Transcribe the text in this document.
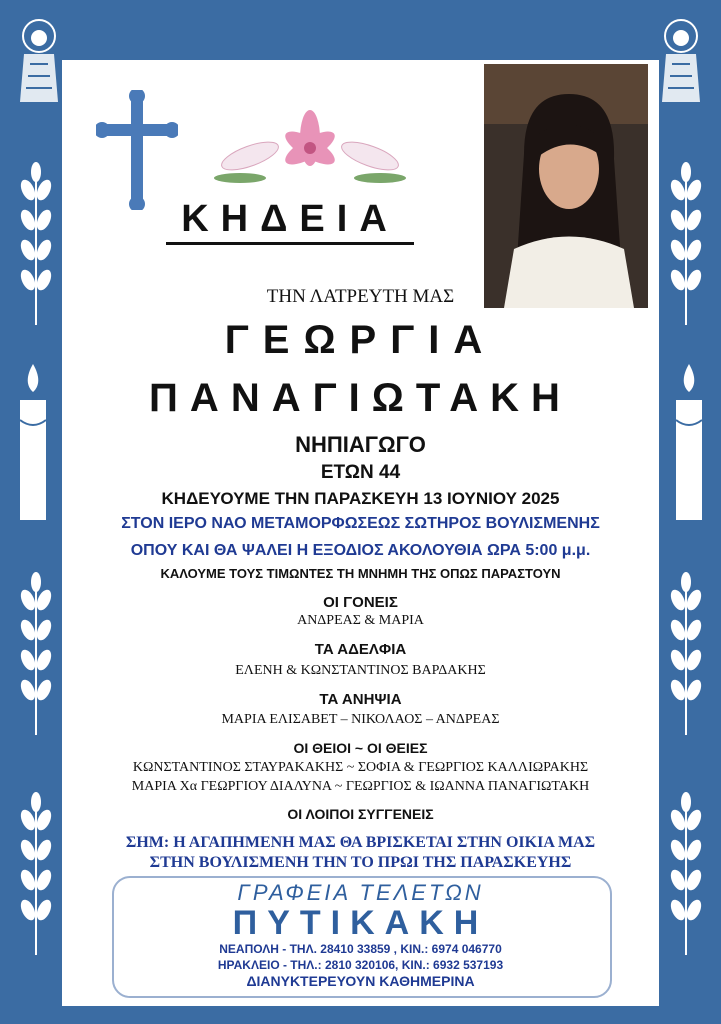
ΚΗΔΕΙΑ
ΤΗΝ ΛΑΤΡΕΥΤΗ ΜΑΣ
ΓΕΩΡΓΙΑ
ΠΑΝΑΓΙΩΤΑΚΗ
ΝΗΠΙΑΓΩΓΟ
ΕΤΩΝ 44
ΚΗΔΕΥΟΥΜΕ ΤΗΝ ΠΑΡΑΣΚΕΥΗ 13 ΙΟΥΝΙΟΥ 2025
ΣΤΟΝ ΙΕΡΟ ΝΑΟ ΜΕΤΑΜΟΡΦΩΣΕΩΣ ΣΩΤΗΡΟΣ ΒΟΥΛΙΣΜΕΝΗΣ
ΟΠΟΥ ΚΑΙ ΘΑ ΨΑΛΕΙ Η ΕΞΟΔΙΟΣ ΑΚΟΛΟΥΘΙΑ ΩΡΑ 5:00 μ.μ.
ΚΑΛΟΥΜΕ ΤΟΥΣ ΤΙΜΩΝΤΕΣ ΤΗ ΜΝΗΜΗ ΤΗΣ ΟΠΩΣ ΠΑΡΑΣΤΟΥΝ
ΟΙ ΓΟΝΕΙΣ
ΑΝΔΡΕΑΣ & ΜΑΡΙΑ
ΤΑ ΑΔΕΛΦΙΑ
ΕΛΕΝΗ & ΚΩΝΣΤΑΝΤΙΝΟΣ ΒΑΡΔΑΚΗΣ
ΤΑ ΑΝΗΨΙΑ
ΜΑΡΙΑ ΕΛΙΣΑΒΕΤ – ΝΙΚΟΛΑΟΣ – ΑΝΔΡΕΑΣ
ΟΙ ΘΕΙΟΙ ~ ΟΙ ΘΕΙΕΣ
ΚΩΝΣΤΑΝΤΙΝΟΣ ΣΤΑΥΡΑΚΑΚΗΣ ~ ΣΟΦΙΑ & ΓΕΩΡΓΙΟΣ ΚΑΛΛΙΩΡΑΚΗΣ
ΜΑΡΙΑ Χα ΓΕΩΡΓΙΟΥ ΔΙΑΛΥΝΑ ~ ΓΕΩΡΓΙΟΣ & ΙΩΑΝΝΑ ΠΑΝΑΓΙΩΤΑΚΗ
ΟΙ ΛΟΙΠΟΙ ΣΥΓΓΕΝΕΙΣ
ΣΗΜ: Η ΑΓΑΠΗΜΕΝΗ ΜΑΣ ΘΑ ΒΡΙΣΚΕΤΑΙ ΣΤΗΝ ΟΙΚΙΑ ΜΑΣ
ΣΤΗΝ ΒΟΥΛΙΣΜΕΝΗ ΤΗΝ ΤΟ ΠΡΩΙ ΤΗΣ ΠΑΡΑΣΚΕΥΗΣ
ΓΡΑΦΕΙΑ ΤΕΛΕΤΩΝ
ΠΥΤΙΚΑΚΗ
ΝΕΑΠΟΛΗ - ΤΗΛ. 28410 33859 , ΚΙΝ.: 6974 046770
ΗΡΑΚΛΕΙΟ - ΤΗΛ.: 2810 320106, ΚΙΝ.: 6932 537193
ΔΙΑΝΥΚΤΕΡΕΥΟΥΝ ΚΑΘΗΜΕΡΙΝΑ
